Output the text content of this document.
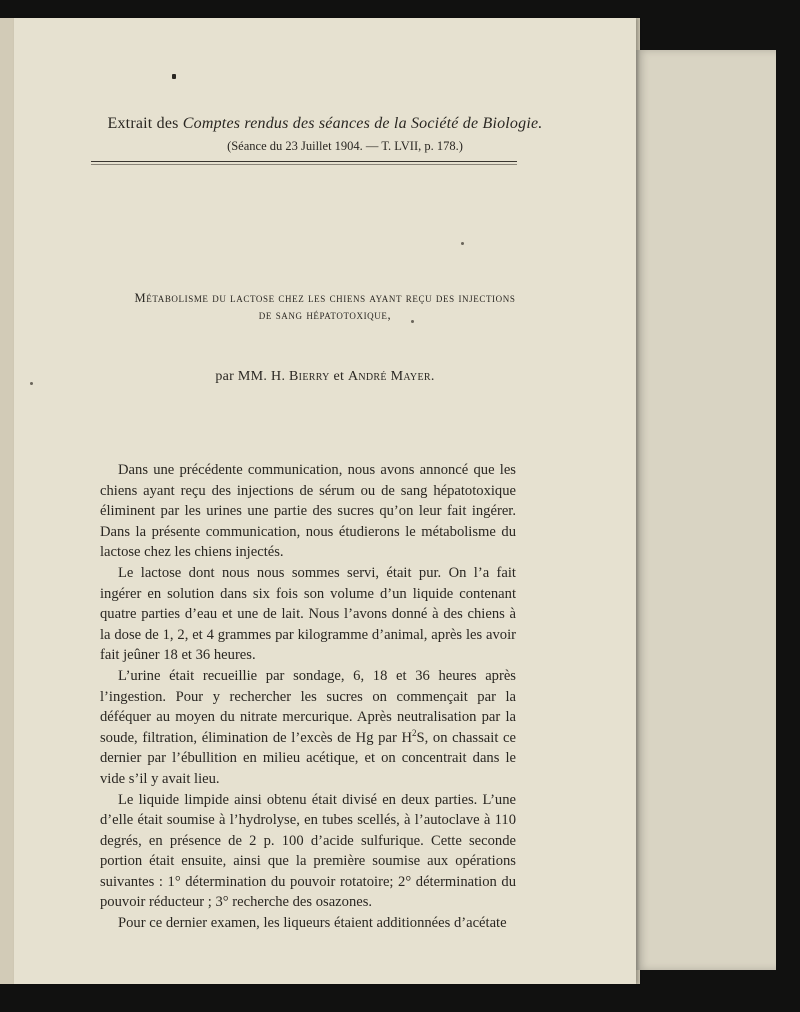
Extrait des Comptes rendus des séances de la Société de Biologie.
(Séance du 23 Juillet 1904. — T. LVII, p. 178.)
Métabolisme du lactose chez les chiens ayant reçu des injections
de sang hépatotoxique,
par MM. H. Bierry et André Mayer.

Dans une précédente communication, nous avons annoncé que les chiens ayant reçu des injections de sérum ou de sang hépatotoxique éliminent par les urines une partie des sucres qu’on leur fait ingérer. Dans la présente communication, nous étudierons le métabolisme du lactose chez les chiens injectés.

Le lactose dont nous nous sommes servi, était pur. On l’a fait ingérer en solution dans six fois son volume d’un liquide contenant quatre parties d’eau et une de lait. Nous l’avons donné à des chiens à la dose de 1, 2, et 4 grammes par kilogramme d’animal, après les avoir fait jeûner 18 et 36 heures.

L’urine était recueillie par sondage, 6, 18 et 36 heures après l’ingestion. Pour y rechercher les sucres on commençait par la déféquer au moyen du nitrate mercurique. Après neutralisation par la soude, filtration, élimination de l’excès de Hg par $H^2S$, on chassait ce dernier par l’ébullition en milieu acétique, et on concentrait dans le vide s’il y avait lieu.

Le liquide limpide ainsi obtenu était divisé en deux parties. L’une d’elle était soumise à l’hydrolyse, en tubes scellés, à l’autoclave à 110 degrés, en présence de 2 p. 100 d’acide sulfurique. Cette seconde portion était ensuite, ainsi que la première soumise aux opérations suivantes : 1° détermination du pouvoir rotatoire; 2° détermination du pouvoir réducteur ; 3° recherche des osazones.

Pour ce dernier examen, les liqueurs étaient additionnées d’acétate
